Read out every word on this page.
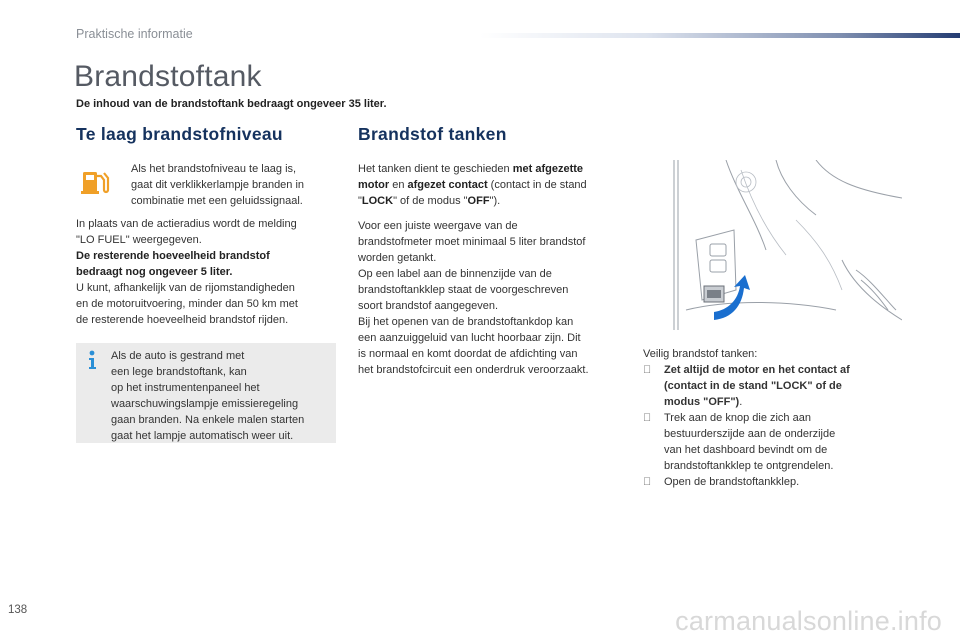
Praktische informatie
Brandstoftank
De inhoud van de brandstoftank bedraagt ongeveer 35 liter.
Te laag brandstofniveau

Als het brandstofniveau te laag is,

gaat dit verklikkerlampje branden in

combinatie met een geluidssignaal.

In plaats van de actieradius wordt de melding

"LO FUEL" weergegeven.

De resterende hoeveelheid brandstof

bedraagt nog ongeveer 5 liter.

U kunt, afhankelijk van de rijomstandigheden

en de motoruitvoering, minder dan 50 km met

de resterende hoeveelheid brandstof rijden.

Als de auto is gestrand met
een lege brandstoftank, kan
op het instrumentenpaneel het
waarschuwingslampje emissieregeling
gaan branden. Na enkele malen starten
gaat het lampje automatisch weer uit.
Brandstof tanken

Het tanken dient te geschieden met afgezette

motor en afgezet contact (contact in de stand

"LOCK" of de modus "OFF").

Voor een juiste weergave van de

brandstofmeter moet minimaal 5 liter brandstof

worden getankt.

Op een label aan de binnenzijde van de

brandstoftankklep staat de voorgeschreven

soort brandstof aangegeven.

Bij het openen van de brandstoftankdop kan

een aanzuiggeluid van lucht hoorbaar zijn. Dit

is normaal en komt doordat de afdichting van

het brandstofcircuit een onderdruk veroorzaakt.

Veilig brandstof tanken:
Zet altijd de motor en het contact af
(contact in de stand "LOCK" of de
modus "OFF").
Trek aan de knop die zich aan
bestuurderszijde aan de onderzijde
van het dashboard bevindt om de
brandstoftankklep te ontgrendelen.
Open de brandstoftankklep.
138	carmanualsonline.info
